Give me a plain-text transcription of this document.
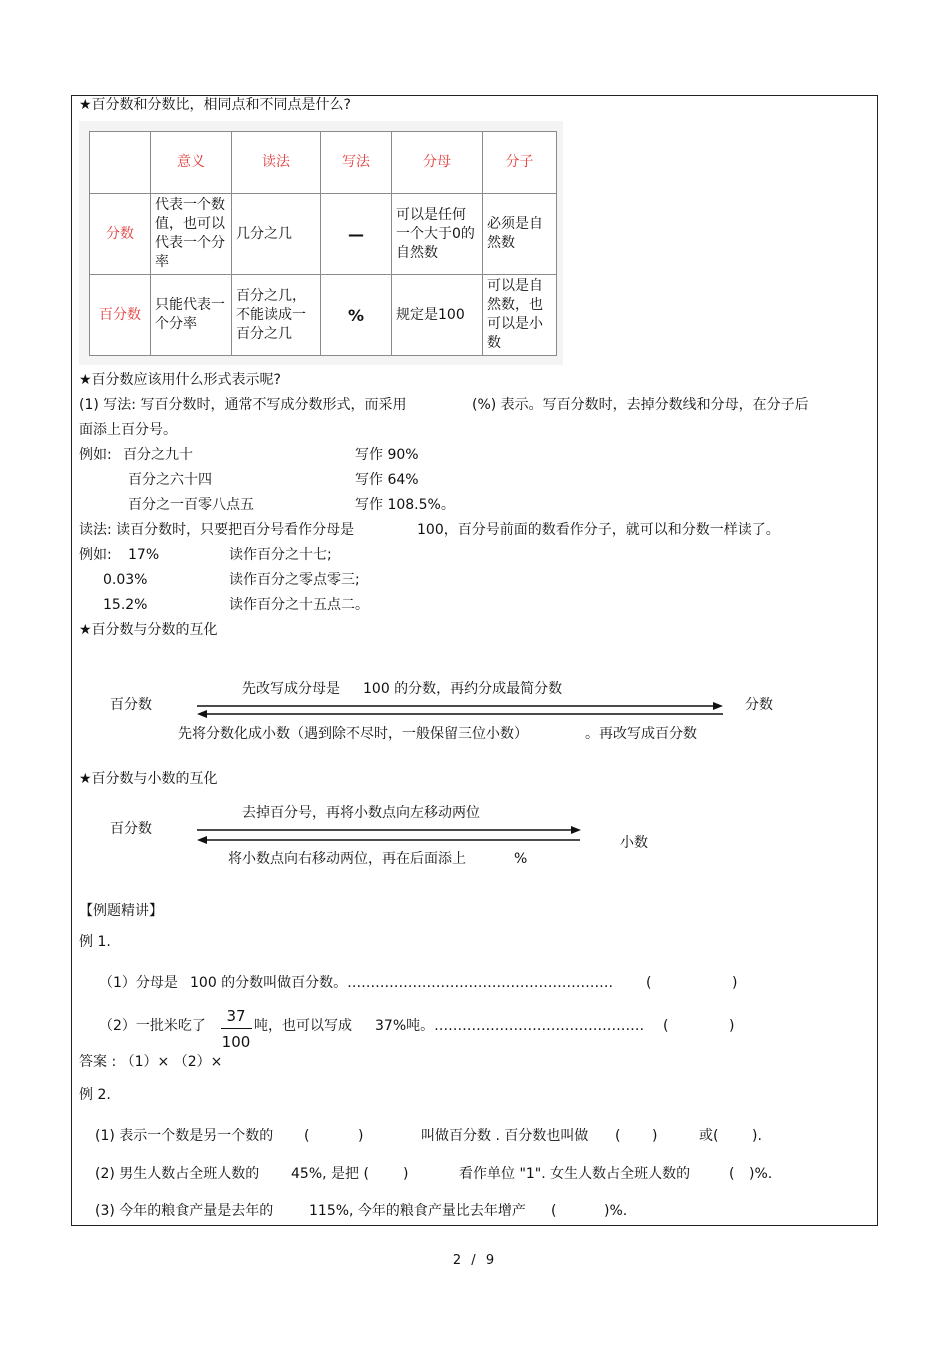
★百分数和分数比，相同点和不同点是什么?
	意义	读法	写法	分母	分子
分数	代表一个数值，也可以代表一个分率	几分之几	—	可以是任何一个大于0的自然数	必须是自然数
百分数	只能代表一个分率	百分之几，不能读成一百分之几	%	规定是100	可以是自然数，也可以是小数
★百分数应该用什么形式表示呢?
(1) 写法: 写百分数时，通常不写成分数形式，而采用	(%) 表示。写百分数时，去掉分数线和分母，在分子后
面添上百分号。
例如: 百分之九十	写作 90%
百分之六十四	写作 64%
百分之一百零八点五	写作 108.5%。
读法: 读百分数时，只要把百分号看作分母是	100，百分号前面的数看作分子，就可以和分数一样读了。
例如: 17%	读作百分之十七;
0.03%	读作百分之零点零三;
15.2%	读作百分之十五点二。
★百分数与分数的互化
先改写成分母是 100 的分数，再约分成最简分数
百分数	分数
先将分数化成小数（遇到除不尽时，一般保留三位小数）	。再改写成百分数
★百分数与小数的互化
去掉百分号，再将小数点向左移动两位
百分数
小数
将小数点向右移动两位，再在后面添上	%
【例题精讲】
例 1.
（1）分母是 100 的分数叫做百分数。………………………………………………… (	)
（2）一批米吃了
37
100
吨，也可以写成 37%吨。……………………………………… (	)
答案 : （1）× （2）×
例 2.
(1) 表示一个数是另一个数的 (	)	叫做百分数 . 百分数也叫做 ( )	或( ).
(2) 男生人数占全班人数的 45%, 是把 ( )	看作单位 "1". 女生人数占全班人数的	( )%.
(3) 今年的粮食产量是去年的	115%, 今年的粮食产量比去年增产 (	)%.
2 / 9
